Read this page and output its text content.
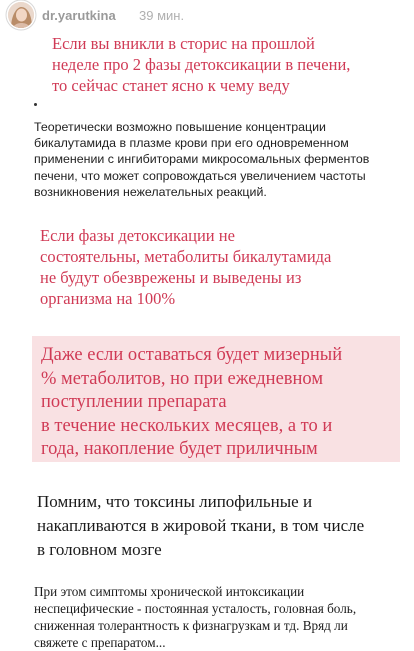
dr.yarutkina 39 мин.
Если вы вникли в сторис на прошлой
неделе про 2 фазы детоксикации в печени,
то сейчас станет ясно к чему веду
Теоретически возможно повышение концентрации
бикалутамида в плазме крови при его одновременном
применении с ингибиторами микросомальных ферментов
печени, что может сопровождаться увеличением частоты
возникновения нежелательных реакций.
Если фазы детоксикации не
состоятельны, метаболиты бикалутамида
не будут обезврежены и выведены из
организма на 100%
Даже если оставаться будет мизерный
% метаболитов, но при ежедневном
поступлении препарата
в течение нескольких месяцев, а то и
года, накопление будет приличным
Помним, что токсины липофильные и
накапливаются в жировой ткани, в том числе
в головном мозге
При этом симптомы хронической интоксикации
неспецифические - постоянная усталость, головная боль,
сниженная толерантность к физнагрузкам и тд. Вряд ли
свяжете с препаратом...
